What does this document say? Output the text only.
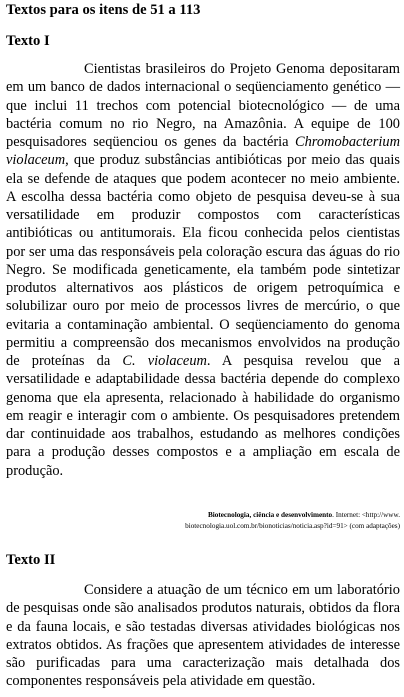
Textos para os itens de 51 a 113
Texto I

Cientistas brasileiros do Projeto Genoma depositaram em um banco de dados internacional o seqüenciamento genético — que inclui 11 trechos com potencial biotecnológico — de uma bactéria comum no rio Negro, na Amazônia. A equipe de 100 pesquisadores seqüenciou os genes da bactéria Chromobacterium violaceum, que produz substâncias antibióticas por meio das quais ela se defende de ataques que podem acontecer no meio ambiente. A escolha dessa bactéria como objeto de pesquisa deveu-se à sua versatilidade em produzir compostos com características antibióticas ou antitumorais. Ela ficou conhecida pelos cientistas por ser uma das responsáveis pela coloração escura das águas do rio Negro. Se modificada geneticamente, ela também pode sintetizar produtos alternativos aos plásticos de origem petroquímica e solubilizar ouro por meio de processos livres de mercúrio, o que evitaria a contaminação ambiental. O seqüenciamento do genoma permitiu a compreensão dos mecanismos envolvidos na produção de proteínas da C. violaceum. A pesquisa revelou que a versatilidade e adaptabilidade dessa bactéria depende do complexo genoma que ela apresenta, relacionado à habilidade do organismo em reagir e interagir com o ambiente. Os pesquisadores pretendem dar continuidade aos trabalhos, estudando as melhores condições para a produção desses compostos e a ampliação em escala de produção.

Biotecnologia, ciência e desenvolvimento. Internet: <http://www.
biotecnologia.uol.com.br/bionoticias/noticia.asp?id=91> (com adaptações)

Texto II

Considere a atuação de um técnico em um laboratório de pesquisas onde são analisados produtos naturais, obtidos da flora e da fauna locais, e são testadas diversas atividades biológicas nos extratos obtidos. As frações que apresentem atividades de interesse são purificadas para uma caracterização mais detalhada dos componentes responsáveis pela atividade em questão.
